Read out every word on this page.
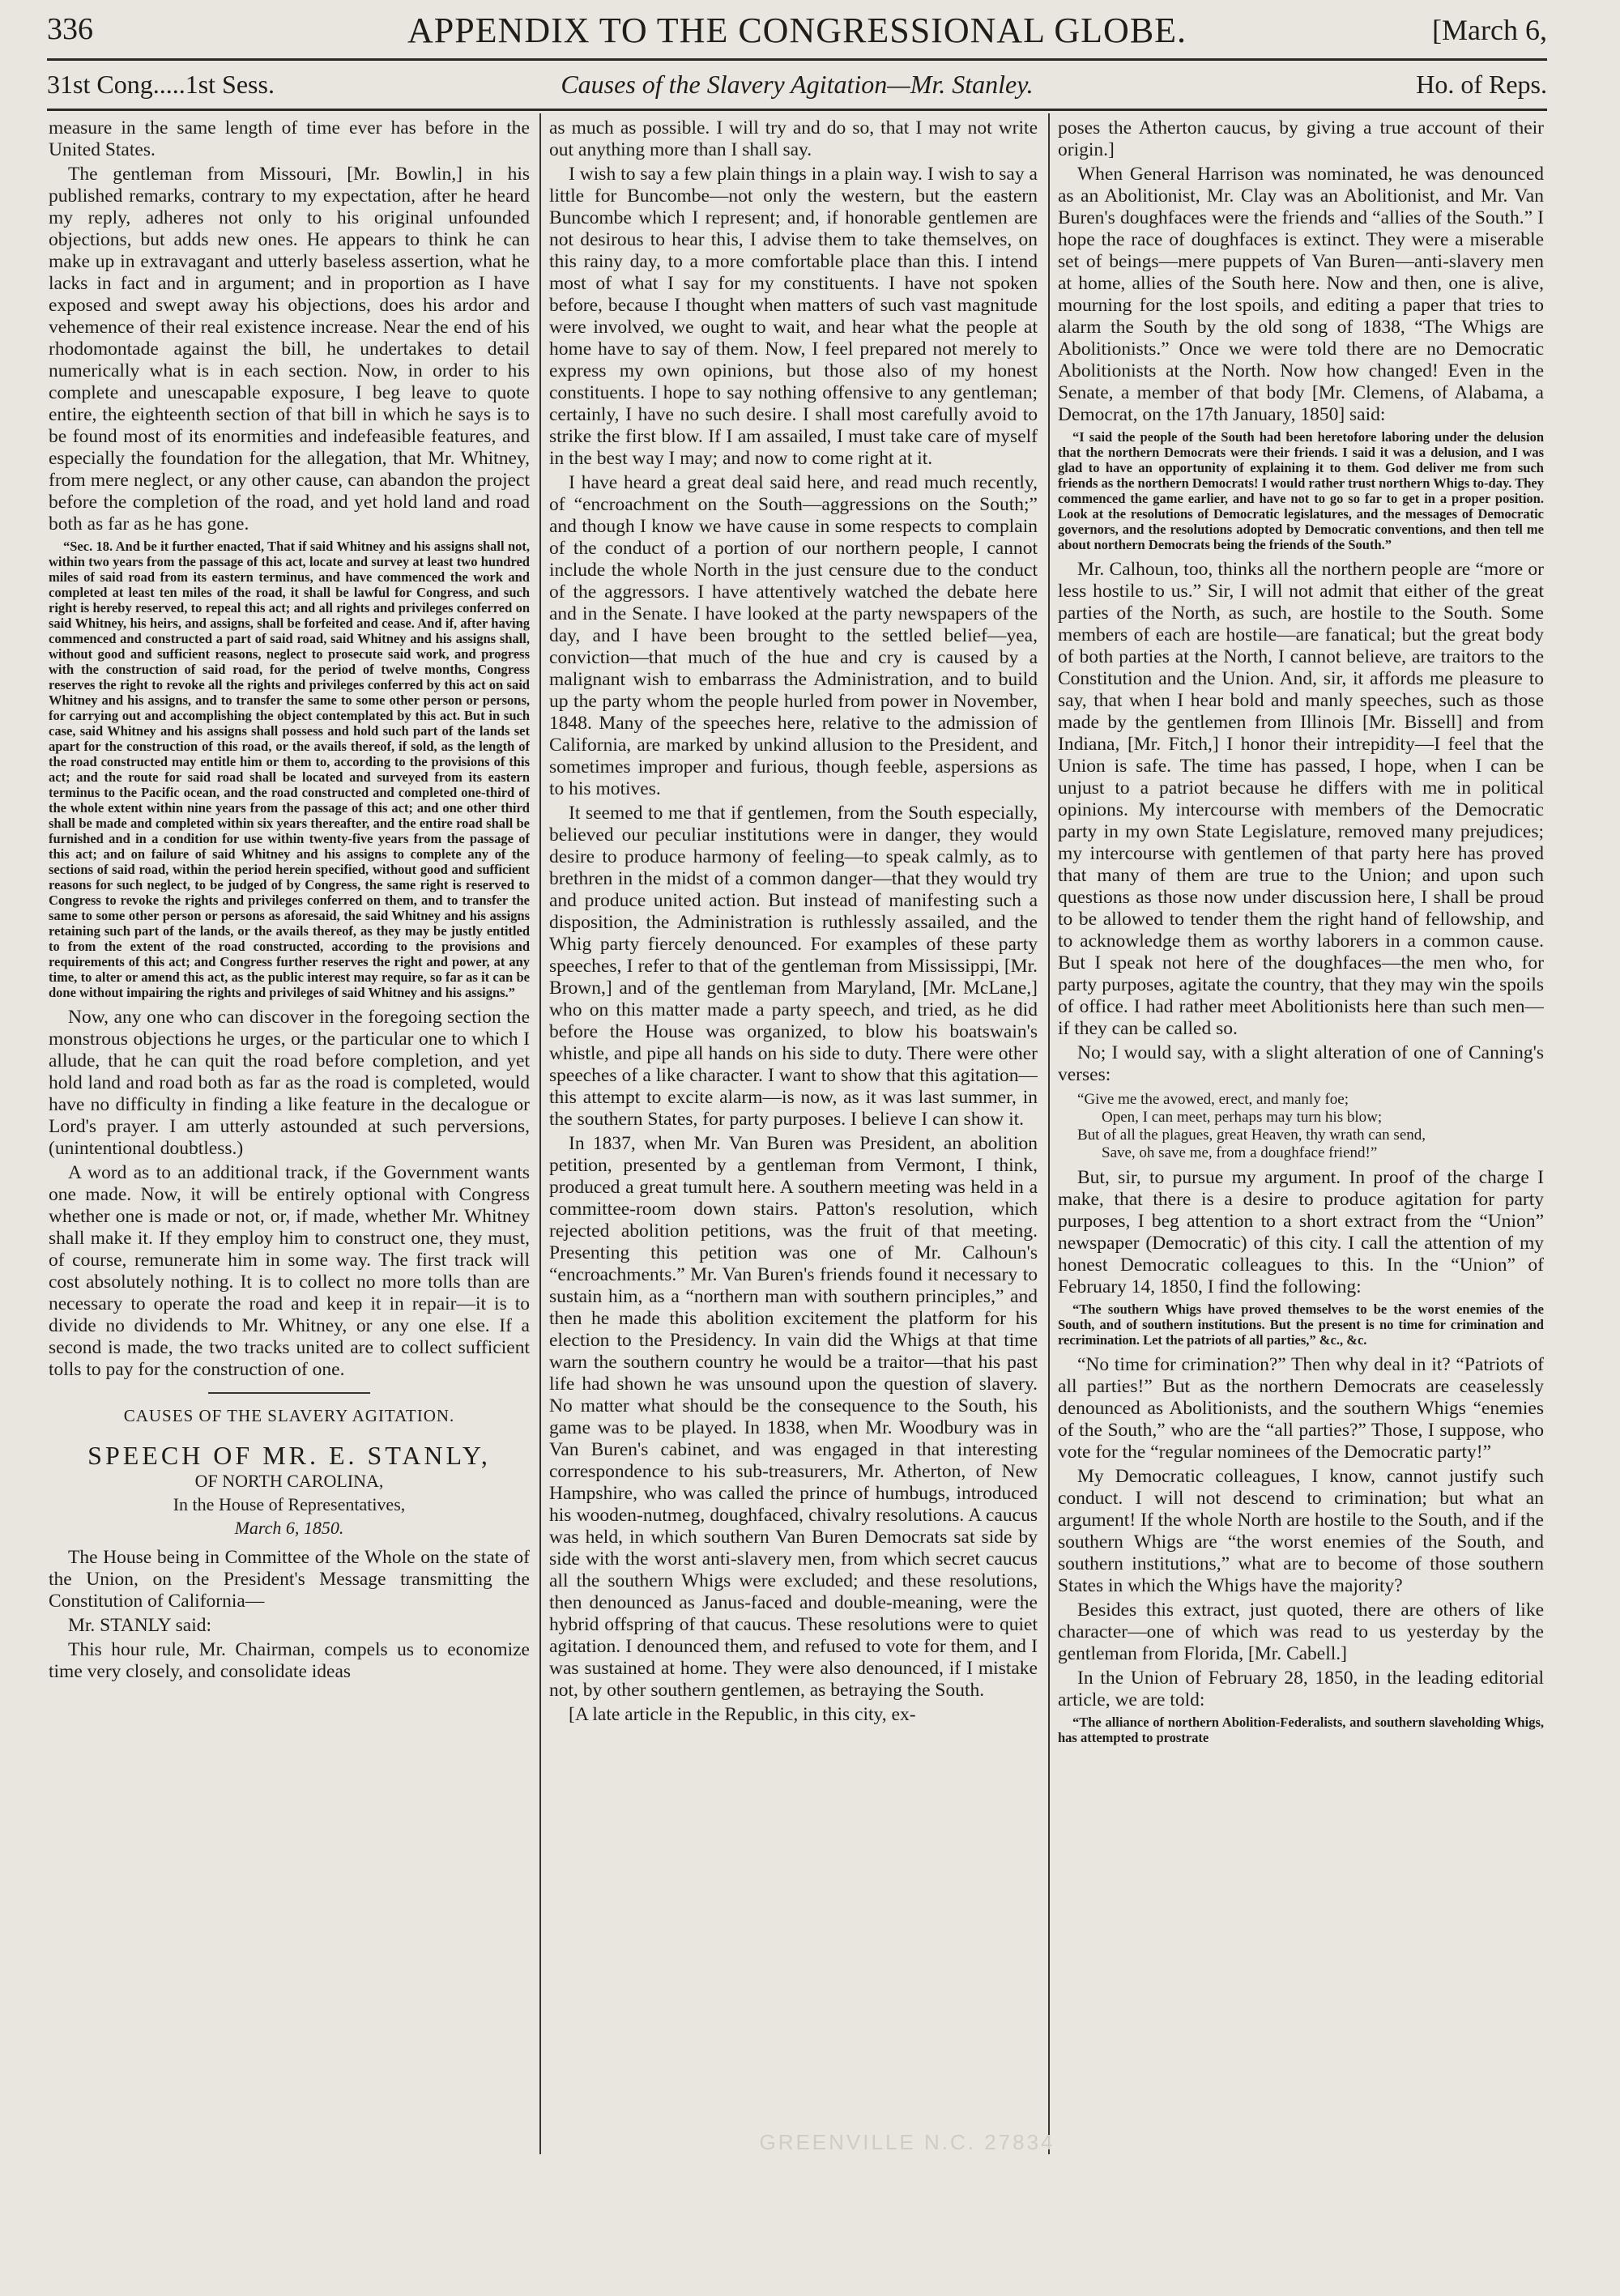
336	APPENDIX TO THE CONGRESSIONAL GLOBE.	[March 6,
31st Cong.....1st Sess.	Causes of the Slavery Agitation—Mr. Stanley.	Ho. of Reps.

measure in the same length of time ever has before in the United States.

The gentleman from Missouri, [Mr. Bowlin,] in his published remarks, contrary to my expectation, after he heard my reply, adheres not only to his original unfounded objections, but adds new ones. He appears to think he can make up in extravagant and utterly baseless assertion, what he lacks in fact and in argument; and in proportion as I have exposed and swept away his objections, does his ardor and vehemence of their real existence increase. Near the end of his rhodomontade against the bill, he undertakes to detail numerically what is in each section. Now, in order to his complete and unescapable exposure, I beg leave to quote entire, the eighteenth section of that bill in which he says is to be found most of its enormities and indefeasible features, and especially the foundation for the allegation, that Mr. Whitney, from mere neglect, or any other cause, can abandon the project before the completion of the road, and yet hold land and road both as far as he has gone.

“Sec. 18. And be it further enacted, That if said Whitney and his assigns shall not, within two years from the passage of this act, locate and survey at least two hundred miles of said road from its eastern terminus, and have commenced the work and completed at least ten miles of the road, it shall be lawful for Congress, and such right is hereby reserved, to repeal this act; and all rights and privileges conferred on said Whitney, his heirs, and assigns, shall be forfeited and cease. And if, after having commenced and constructed a part of said road, said Whitney and his assigns shall, without good and sufficient reasons, neglect to prosecute said work, and progress with the construction of said road, for the period of twelve months, Congress reserves the right to revoke all the rights and privileges conferred by this act on said Whitney and his assigns, and to transfer the same to some other person or persons, for carrying out and accomplishing the object contemplated by this act. But in such case, said Whitney and his assigns shall possess and hold such part of the lands set apart for the construction of this road, or the avails thereof, if sold, as the length of the road constructed may entitle him or them to, according to the provisions of this act; and the route for said road shall be located and surveyed from its eastern terminus to the Pacific ocean, and the road constructed and completed one-third of the whole extent within nine years from the passage of this act; and one other third shall be made and completed within six years thereafter, and the entire road shall be furnished and in a condition for use within twenty-five years from the passage of this act; and on failure of said Whitney and his assigns to complete any of the sections of said road, within the period herein specified, without good and sufficient reasons for such neglect, to be judged of by Congress, the same right is reserved to Congress to revoke the rights and privileges conferred on them, and to transfer the same to some other person or persons as aforesaid, the said Whitney and his assigns retaining such part of the lands, or the avails thereof, as they may be justly entitled to from the extent of the road constructed, according to the provisions and requirements of this act; and Congress further reserves the right and power, at any time, to alter or amend this act, as the public interest may require, so far as it can be done without impairing the rights and privileges of said Whitney and his assigns.”

Now, any one who can discover in the foregoing section the monstrous objections he urges, or the particular one to which I allude, that he can quit the road before completion, and yet hold land and road both as far as the road is completed, would have no difficulty in finding a like feature in the decalogue or Lord's prayer. I am utterly astounded at such perversions, (unintentional doubtless.)

A word as to an additional track, if the Government wants one made. Now, it will be entirely optional with Congress whether one is made or not, or, if made, whether Mr. Whitney shall make it. If they employ him to construct one, they must, of course, remunerate him in some way. The first track will cost absolutely nothing. It is to collect no more tolls than are necessary to operate the road and keep it in repair—it is to divide no dividends to Mr. Whitney, or any one else. If a second is made, the two tracks united are to collect sufficient tolls to pay for the construction of one.

CAUSES OF THE SLAVERY AGITATION.
SPEECH OF MR. E. STANLY,
OF NORTH CAROLINA,
In the House of Representatives,
March 6, 1850.

The House being in Committee of the Whole on the state of the Union, on the President's Message transmitting the Constitution of California—

Mr. STANLY said:

This hour rule, Mr. Chairman, compels us to economize time very closely, and consolidate ideas

as much as possible. I will try and do so, that I may not write out anything more than I shall say.

I wish to say a few plain things in a plain way. I wish to say a little for Buncombe—not only the western, but the eastern Buncombe which I represent; and, if honorable gentlemen are not desirous to hear this, I advise them to take themselves, on this rainy day, to a more comfortable place than this. I intend most of what I say for my constituents. I have not spoken before, because I thought when matters of such vast magnitude were involved, we ought to wait, and hear what the people at home have to say of them. Now, I feel prepared not merely to express my own opinions, but those also of my honest constituents. I hope to say nothing offensive to any gentleman; certainly, I have no such desire. I shall most carefully avoid to strike the first blow. If I am assailed, I must take care of myself in the best way I may; and now to come right at it.

I have heard a great deal said here, and read much recently, of “encroachment on the South—aggressions on the South;” and though I know we have cause in some respects to complain of the conduct of a portion of our northern people, I cannot include the whole North in the just censure due to the conduct of the aggressors. I have attentively watched the debate here and in the Senate. I have looked at the party newspapers of the day, and I have been brought to the settled belief—yea, conviction—that much of the hue and cry is caused by a malignant wish to embarrass the Administration, and to build up the party whom the people hurled from power in November, 1848. Many of the speeches here, relative to the admission of California, are marked by unkind allusion to the President, and sometimes improper and furious, though feeble, aspersions as to his motives.

It seemed to me that if gentlemen, from the South especially, believed our peculiar institutions were in danger, they would desire to produce harmony of feeling—to speak calmly, as to brethren in the midst of a common danger—that they would try and produce united action. But instead of manifesting such a disposition, the Administration is ruthlessly assailed, and the Whig party fiercely denounced. For examples of these party speeches, I refer to that of the gentleman from Mississippi, [Mr. Brown,] and of the gentleman from Maryland, [Mr. McLane,] who on this matter made a party speech, and tried, as he did before the House was organized, to blow his boatswain's whistle, and pipe all hands on his side to duty. There were other speeches of a like character. I want to show that this agitation—this attempt to excite alarm—is now, as it was last summer, in the southern States, for party purposes. I believe I can show it.

In 1837, when Mr. Van Buren was President, an abolition petition, presented by a gentleman from Vermont, I think, produced a great tumult here. A southern meeting was held in a committee-room down stairs. Patton's resolution, which rejected abolition petitions, was the fruit of that meeting. Presenting this petition was one of Mr. Calhoun's “encroachments.” Mr. Van Buren's friends found it necessary to sustain him, as a “northern man with southern principles,” and then he made this abolition excitement the platform for his election to the Presidency. In vain did the Whigs at that time warn the southern country he would be a traitor—that his past life had shown he was unsound upon the question of slavery. No matter what should be the consequence to the South, his game was to be played. In 1838, when Mr. Woodbury was in Van Buren's cabinet, and was engaged in that interesting correspondence to his sub-treasurers, Mr. Atherton, of New Hampshire, who was called the prince of humbugs, introduced his wooden-nutmeg, doughfaced, chivalry resolutions. A caucus was held, in which southern Van Buren Democrats sat side by side with the worst anti-slavery men, from which secret caucus all the southern Whigs were excluded; and these resolutions, then denounced as Janus-faced and double-meaning, were the hybrid offspring of that caucus. These resolutions were to quiet agitation. I denounced them, and refused to vote for them, and I was sustained at home. They were also denounced, if I mistake not, by other southern gentlemen, as betraying the South.

[A late article in the Republic, in this city, ex-

poses the Atherton caucus, by giving a true account of their origin.]

When General Harrison was nominated, he was denounced as an Abolitionist, Mr. Clay was an Abolitionist, and Mr. Van Buren's doughfaces were the friends and “allies of the South.” I hope the race of doughfaces is extinct. They were a miserable set of beings—mere puppets of Van Buren—anti-slavery men at home, allies of the South here. Now and then, one is alive, mourning for the lost spoils, and editing a paper that tries to alarm the South by the old song of 1838, “The Whigs are Abolitionists.” Once we were told there are no Democratic Abolitionists at the North. Now how changed! Even in the Senate, a member of that body [Mr. Clemens, of Alabama, a Democrat, on the 17th January, 1850] said:

“I said the people of the South had been heretofore laboring under the delusion that the northern Democrats were their friends. I said it was a delusion, and I was glad to have an opportunity of explaining it to them. God deliver me from such friends as the northern Democrats! I would rather trust northern Whigs to-day. They commenced the game earlier, and have not to go so far to get in a proper position. Look at the resolutions of Democratic legislatures, and the messages of Democratic governors, and the resolutions adopted by Democratic conventions, and then tell me about northern Democrats being the friends of the South.”

Mr. Calhoun, too, thinks all the northern people are “more or less hostile to us.” Sir, I will not admit that either of the great parties of the North, as such, are hostile to the South. Some members of each are hostile—are fanatical; but the great body of both parties at the North, I cannot believe, are traitors to the Constitution and the Union. And, sir, it affords me pleasure to say, that when I hear bold and manly speeches, such as those made by the gentlemen from Illinois [Mr. Bissell] and from Indiana, [Mr. Fitch,] I honor their intrepidity—I feel that the Union is safe. The time has passed, I hope, when I can be unjust to a patriot because he differs with me in political opinions. My intercourse with members of the Democratic party in my own State Legislature, removed many prejudices; my intercourse with gentlemen of that party here has proved that many of them are true to the Union; and upon such questions as those now under discussion here, I shall be proud to be allowed to tender them the right hand of fellowship, and to acknowledge them as worthy laborers in a common cause. But I speak not here of the doughfaces—the men who, for party purposes, agitate the country, that they may win the spoils of office. I had rather meet Abolitionists here than such men—if they can be called so.

No; I would say, with a slight alteration of one of Canning's verses:

“Give me the avowed, erect, and manly foe;
Open, I can meet, perhaps may turn his blow;
But of all the plagues, great Heaven, thy wrath can send,
Save, oh save me, from a doughface friend!”

But, sir, to pursue my argument. In proof of the charge I make, that there is a desire to produce agitation for party purposes, I beg attention to a short extract from the “Union” newspaper (Democratic) of this city. I call the attention of my honest Democratic colleagues to this. In the “Union” of February 14, 1850, I find the following:

“The southern Whigs have proved themselves to be the worst enemies of the South, and of southern institutions. But the present is no time for crimination and recrimination. Let the patriots of all parties,” &c., &c.

“No time for crimination?” Then why deal in it? “Patriots of all parties!” But as the northern Democrats are ceaselessly denounced as Abolitionists, and the southern Whigs “enemies of the South,” who are the “all parties?” Those, I suppose, who vote for the “regular nominees of the Democratic party!”

My Democratic colleagues, I know, cannot justify such conduct. I will not descend to crimination; but what an argument! If the whole North are hostile to the South, and if the southern Whigs are “the worst enemies of the South, and southern institutions,” what are to become of those southern States in which the Whigs have the majority?

Besides this extract, just quoted, there are others of like character—one of which was read to us yesterday by the gentleman from Florida, [Mr. Cabell.]

In the Union of February 28, 1850, in the leading editorial article, we are told:

“The alliance of northern Abolition-Federalists, and southern slaveholding Whigs, has attempted to prostrate
GREENVILLE N.C. 27834
